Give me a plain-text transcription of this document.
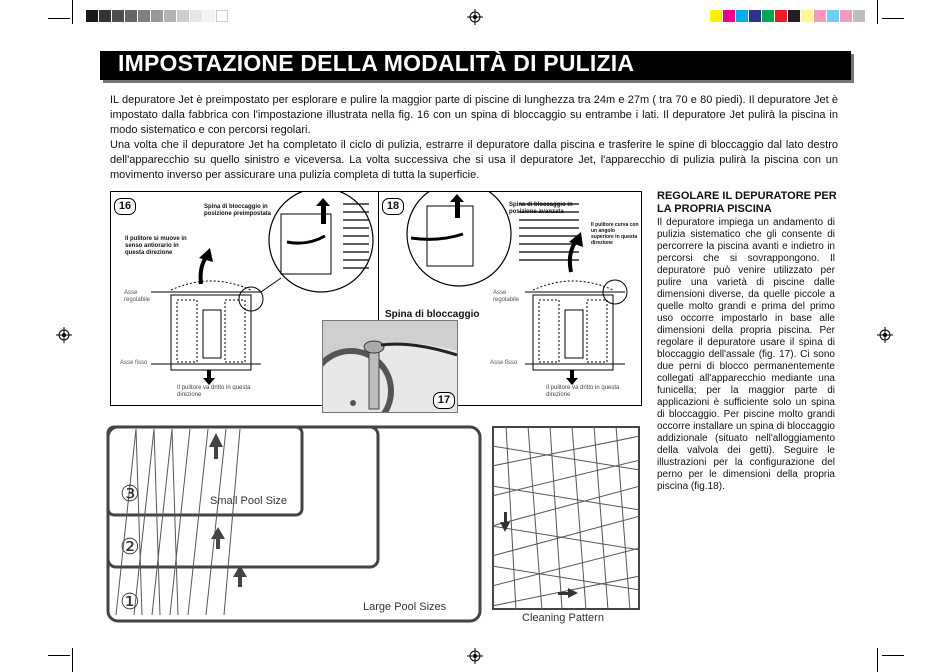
IMPOSTAZIONE DELLA MODALITÀ DI PULIZIA
IL depuratore Jet è preimpostato per esplorare e pulire la maggior parte di piscine di lunghezza tra 24m e 27m ( tra 70 e 80 piedi). Il depuratore Jet è impostato dalla fabbrica con l'impostazione illustrata nella fig. 16 con un spina di bloccaggio su entrambe i lati. Il depuratore Jet pulirà la piscina in modo sistematico e con percorsi regolari.
Una volta che il depuratore Jet ha completato il ciclo di pulizia, estrarre il depuratore dalla piscina e trasferire le spine di bloccaggio dal lato destro dell'apparecchio su quello sinistro e viceversa. La volta successiva che si usa il depuratore Jet, l'apparecchio di pulizia pulirà la piscina con un movimento inverso per assicurare una pulizia completa di tutta la superficie.
16	Spina di bloccaggio in posizione preimpostata
Il pulitore si muove in senso antiorario in questa direzione
Asse regolabile
Asse fisso
Il pulitore va dritto in questa direzione
18	Spina di bloccaggio in posizione avanzata
Il pulitore curva con un angolo superiore in questa direzione
Asse regolabile
Asse fisso
Il pulitore va dritto in questa direzione
Spina di bloccaggio
17
REGOLARE IL DEPURATORE PER LA PROPRIA PISCINA
Il depuratore impiega un andamento di pulizia sistematico che gli consente di percorrere la piscina avanti e indietro in percorsi che si sovrappongono. Il depuratore può venire utilizzato per pulire una varietà di piscine dalle dimensioni diverse, da quelle piccole a quelle molto grandi e prima del primo uso occorre impostarlo in base alle dimensioni della propria piscina. Per regolare il depuratore usare il spina di bloccaggio dell'assale (fig. 17). Ci sono due perni di blocco permanentemente collegati all'apparecchio mediante una funicella; per la maggior parte di applicazioni è sufficiente solo un spina di bloccaggio. Per piscine molto grandi occorre installare un spina di bloccaggio addizionale (situato nell'alloggiamento della valvola dei getti). Seguire le illustrazioni per la configurazione del perno per le dimensioni della propria piscina (fig.18).
③
②
①
Small Pool Size
Large Pool Sizes
Cleaning Pattern
